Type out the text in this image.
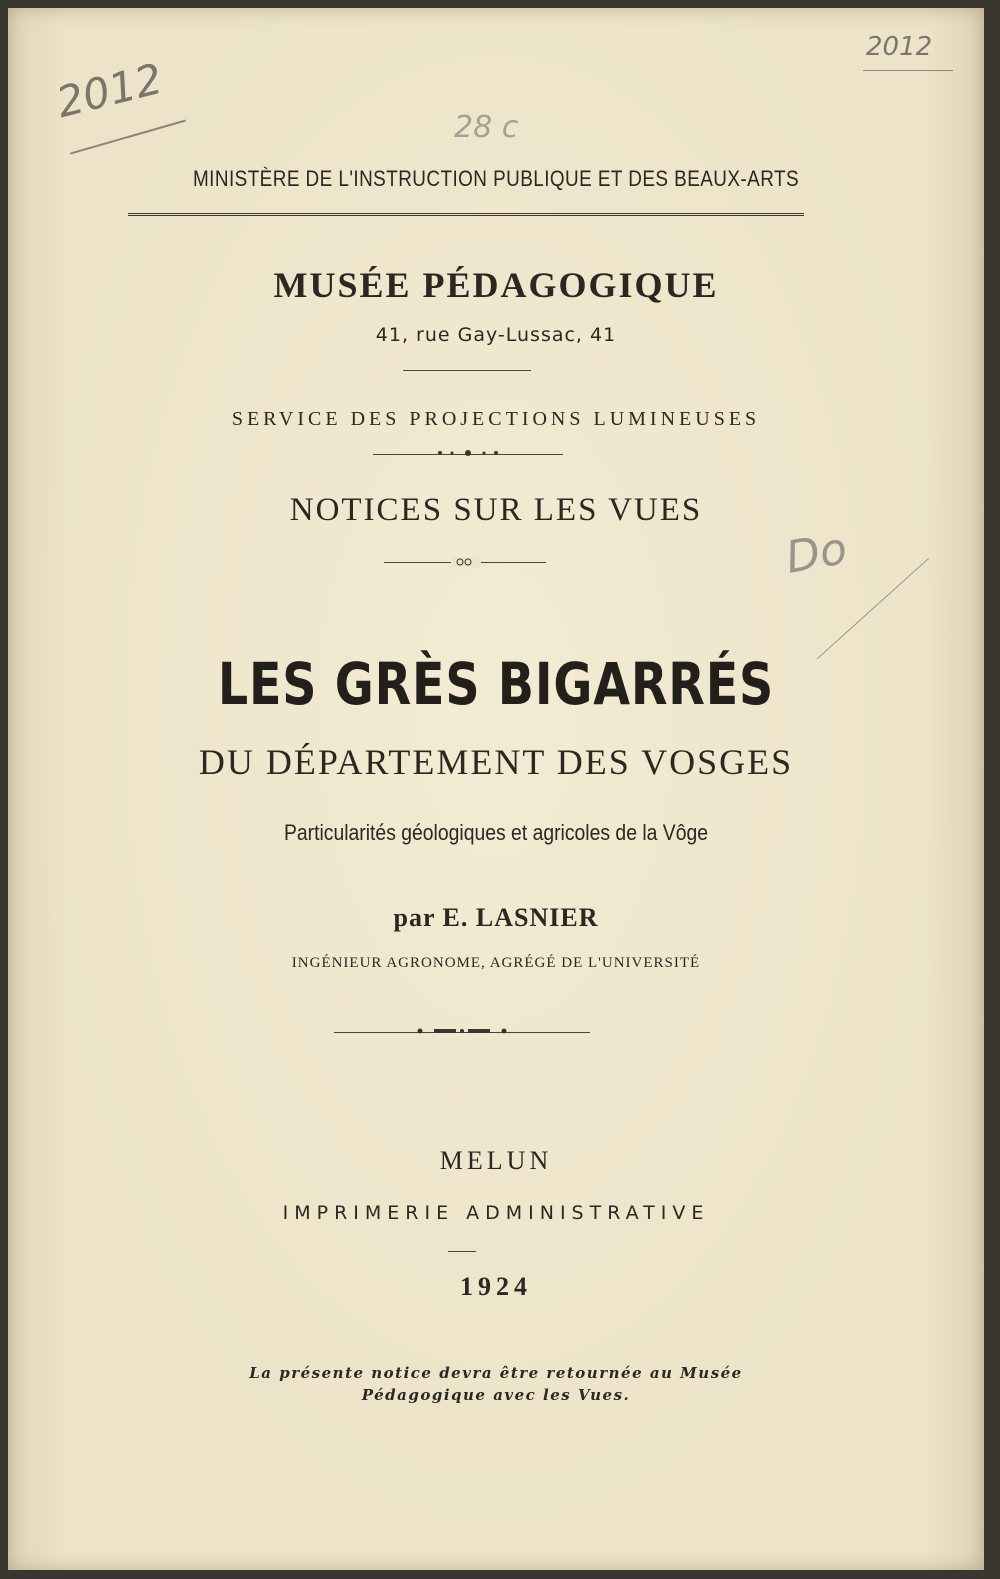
2012
28 c
2012
Do
MINISTÈRE DE L'INSTRUCTION PUBLIQUE ET DES BEAUX-ARTS
MUSÉE PÉDAGOGIQUE
41, rue Gay-Lussac, 41
SERVICE DES PROJECTIONS LUMINEUSES
NOTICES SUR LES VUES
LES GRÈS BIGARRÉS
DU DÉPARTEMENT DES VOSGES
Particularités géologiques et agricoles de la Vôge
par E. LASNIER
INGÉNIEUR AGRONOME, AGRÉGÉ DE L'UNIVERSITÉ
MELUN
IMPRIMERIE ADMINISTRATIVE
1924
La présente notice devra être retournée au Musée
Pédagogique avec les Vues.
